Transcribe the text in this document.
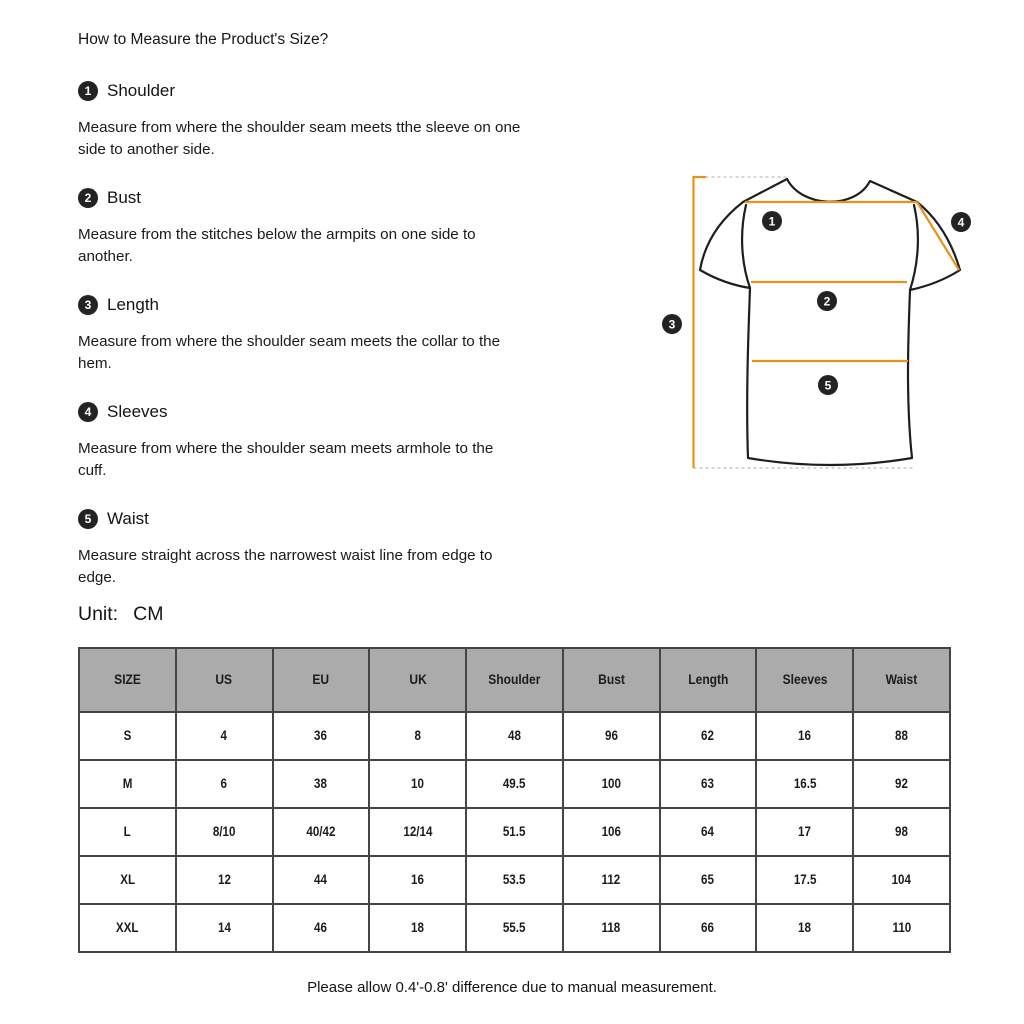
How to Measure the Product's Size?
1 Shoulder
Measure from where the shoulder seam meets tthe sleeve on one
side to another side.
2 Bust
Measure from the stitches below the armpits on one side to
another.
3 Length
Measure from where the shoulder seam meets the collar to the
hem.
4 Sleeves
Measure from where the shoulder seam meets armhole to the
cuff.
5 Waist
Measure straight across the narrowest waist line from edge to
edge.
1
2
3
4
5
Unit: CM
SIZE	US	EU	UK	Shoulder	Bust	Length	Sleeves	Waist
S	4	36	8	48	96	62	16	88
M	6	38	10	49.5	100	63	16.5	92
L	8/10	40/42	12/14	51.5	106	64	17	98
XL	12	44	16	53.5	112	65	17.5	104
XXL	14	46	18	55.5	118	66	18	110
Please allow 0.4'-0.8' difference due to manual measurement.
